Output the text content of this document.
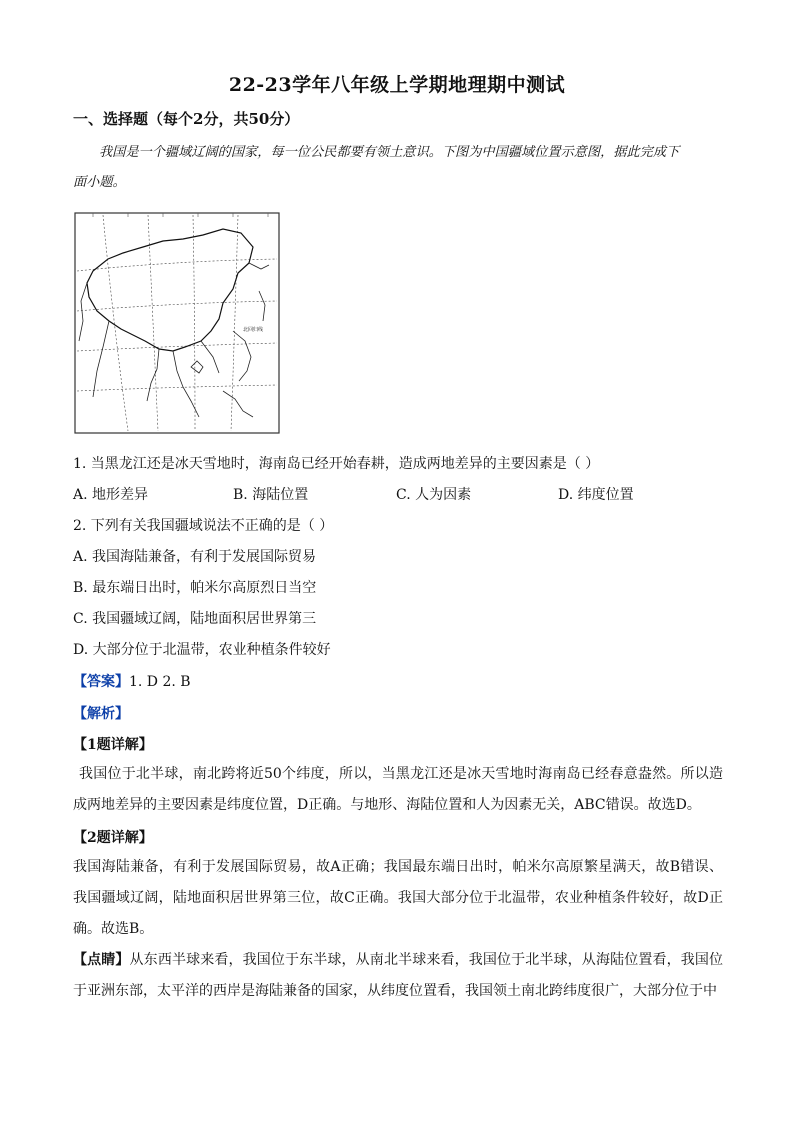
22-23学年八年级上学期地理期中测试
一、选择题（每个2分，共50分）
我国是一个疆域辽阔的国家，每一位公民都要有领土意识。下图为中国疆域位置示意图，据此完成下
面小题。
北回归线
1. 当黑龙江还是冰天雪地时，海南岛已经开始春耕，造成两地差异的主要因素是（ ）
A. 地形差异	B. 海陆位置	C. 人为因素	D. 纬度位置
2. 下列有关我国疆域说法不正确的是（ ）
A. 我国海陆兼备，有利于发展国际贸易
B. 最东端日出时，帕米尔高原烈日当空
C. 我国疆域辽阔，陆地面积居世界第三
D. 大部分位于北温带，农业种植条件较好
【答案】1. D 2. B
【解析】
【1题详解】
我国位于北半球，南北跨将近50个纬度，所以，当黑龙江还是冰天雪地时海南岛已经春意盎然。所以造成两地差异的主要因素是纬度位置，D正确。与地形、海陆位置和人为因素无关，ABC错误。故选D。
【2题详解】
我国海陆兼备，有利于发展国际贸易，故A正确；我国最东端日出时，帕米尔高原繁星满天，故B错误、我国疆域辽阔，陆地面积居世界第三位，故C正确。我国大部分位于北温带，农业种植条件较好，故D正确。故选B。
【点睛】从东西半球来看，我国位于东半球，从南北半球来看，我国位于北半球，从海陆位置看，我国位于亚洲东部，太平洋的西岸是海陆兼备的国家，从纬度位置看，我国领土南北跨纬度很广，大部分位于中
